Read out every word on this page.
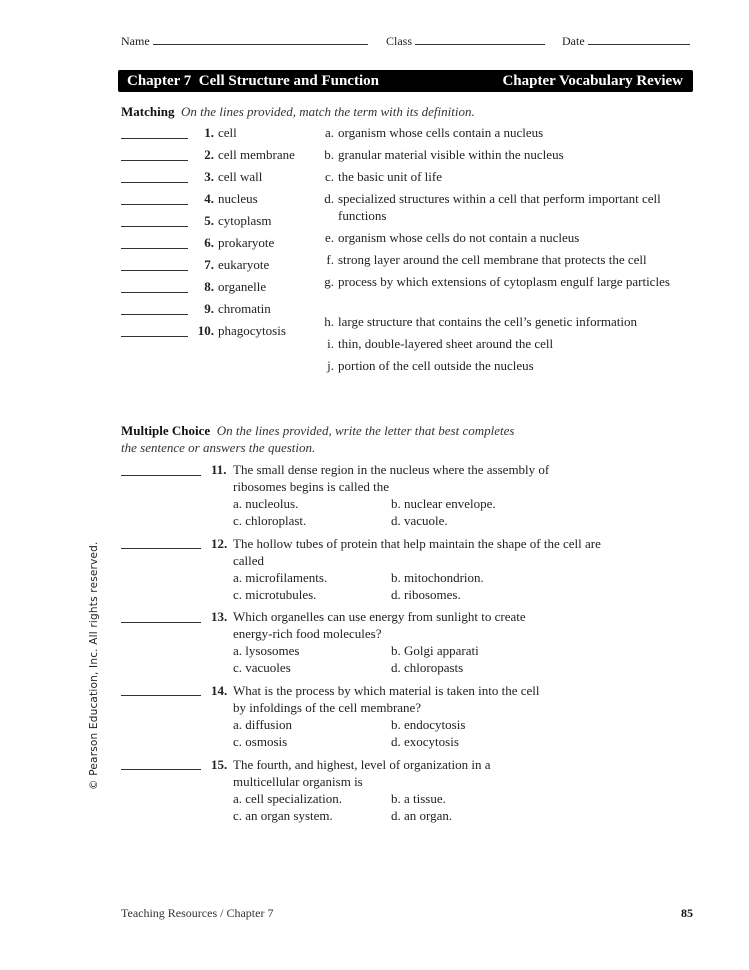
Name	Class	Date
Chapter 7  Cell Structure and Function	Chapter Vocabulary Review
Matching On the lines provided, match the term with its definition.
1. cell
2. cell membrane
3. cell wall
4. nucleus
5. cytoplasm
6. prokaryote
7. eukaryote
8. organelle
9. chromatin
10. phagocytosis
a. organism whose cells contain a nucleus
b. granular material visible within the nucleus
c. the basic unit of life
d. specialized structures within a cell that perform important cell functions
e. organism whose cells do not contain a nucleus
f. strong layer around the cell membrane that protects the cell
g. process by which extensions of cytoplasm engulf large particles
h. large structure that contains the cell’s genetic information
i. thin, double-layered sheet around the cell
j. portion of the cell outside the nucleus
Multiple Choice On the lines provided, write the letter that best completes
the sentence or answers the question.
11. The small dense region in the nucleus where the assembly of ribosomes begins is called the
a. nucleolus.	b. nuclear envelope.
c. chloroplast.	d. vacuole.
12. The hollow tubes of protein that help maintain the shape of the cell are called
a. microfilaments.	b. mitochondrion.
c. microtubules.	d. ribosomes.
13. Which organelles can use energy from sunlight to create energy-rich food molecules?
a. lysosomes	b. Golgi apparati
c. vacuoles	d. chloropasts
14. What is the process by which material is taken into the cell by infoldings of the cell membrane?
a. diffusion	b. endocytosis
c. osmosis	d. exocytosis
15. The fourth, and highest, level of organization in a multicellular organism is
a. cell specialization.	b. a tissue.
c. an organ system.	d. an organ.
© Pearson Education, Inc. All rights reserved.
Teaching Resources / Chapter 7	85
